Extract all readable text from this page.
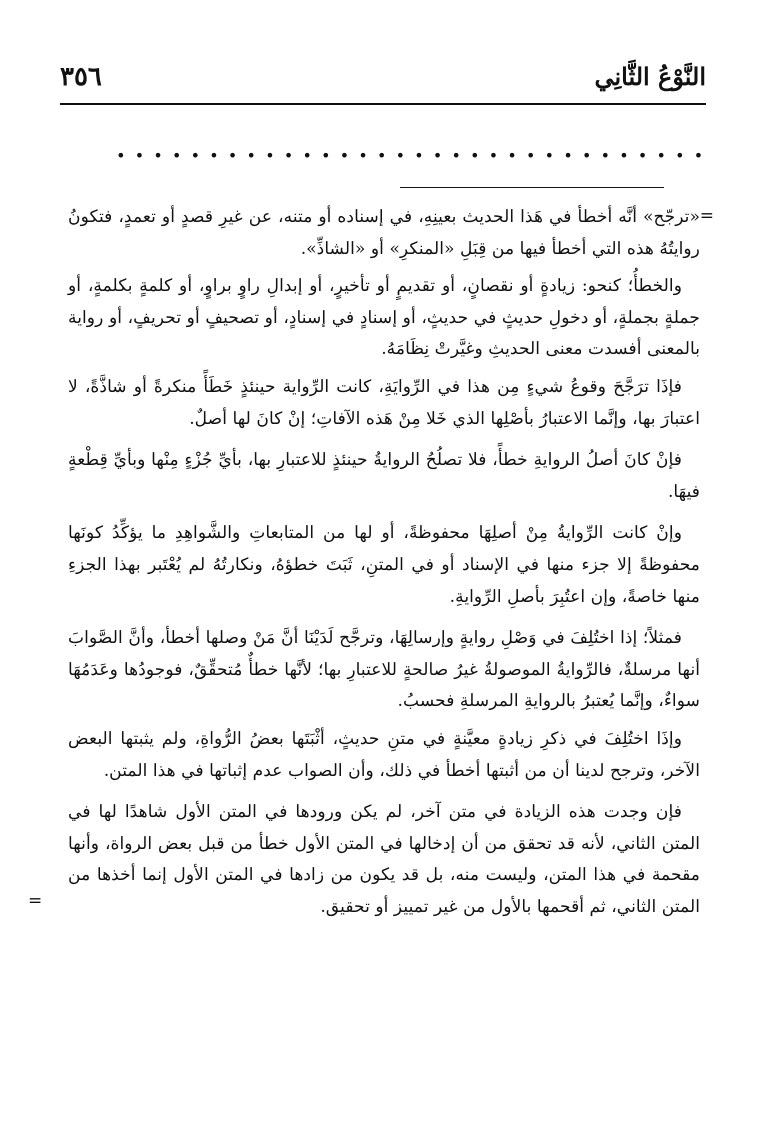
النَّوْعُ الثَّانِي
٣٥٦
••••••••••••••••••••••••••••••••
=

«ترجّح» أنَّه أخطأ في هَذا الحديث بعينِهِ، في إسناده أو متنه، عن غيرِ قصدٍ أو تعمدٍ، فتكونُ روايتُهُ هذه التي أخطأ فيها من قِبَلِ «المنكرِ» أو «الشاذِّ».

والخطأُ؛ كنحو: زيادةٍ أو نقصانٍ، أو تقديمٍ أو تأخيرٍ، أو إبدالِ راوٍ براوٍ، أو كلمةٍ بكلمةٍ، أو جملةٍ بجملةٍ، أو دخولِ حديثٍ في حديثٍ، أو إسنادٍ في إسنادٍ، أو تصحيفٍ أو تحريفٍ، أو رواية بالمعنى أفسدت معنى الحديثِ وغيَّرتْ نِظَامَهُ.

فإذَا ترَجَّحَ وقوعُ شيءٍ مِن هذا في الرِّوايَةِ، كانت الرِّواية حينئذٍ خَطَأً منكرةً أو شاذَّةً، لا اعتبارَ بها، وإنَّما الاعتبارُ بأصْلِها الذي خَلا مِنْ هَذه الآفاتِ؛ إنْ كانَ لها أصلٌ.

فإنْ كانَ أصلُ الروايةِ خطأً، فلا تصلُحُ الروايةُ حينئذٍ للاعتبارِ بها، بأيِّ جُزْءٍ مِنْها وبأيِّ قِطْعةٍ فيهَا.

وإنْ كانت الرِّوايةُ مِنْ أصلِهَا محفوظةً، أو لها من المتابعاتِ والشَّواهِدِ ما يؤكِّدُ كونَها محفوظةً إلا جزء منها في الإسناد أو في المتنِ، ثَبَتَ خطؤهُ، ونكارتُهُ لم يُعْتَبر بهذا الجزءِ منها خاصةً، وإن اعتُبِرَ بأصلِ الرِّوايةِ.

فمثلاً؛ إذا اختُلِفَ في وَصْلِ روايةٍ وإرسالِهَا، وترجَّح لَدَيْنَا أنَّ مَنْ وصلها أخطأ، وأنَّ الصَّوابَ أنها مرسلةٌ، فالرِّوايةُ الموصولةُ غيرُ صالحةٍ للاعتبارِ بها؛ لأنَّها خطأٌ مُتحقِّقٌ، فوجودُها وعَدَمُهَا سواءٌ، وإنَّما يُعتبرُ بالروايةِ المرسلةِ فحسبُ.

وإذَا اختُلِفَ في ذكرِ زيادةٍ معيَّنةٍ في متنِ حديثٍ، أثْبَتَها بعضُ الرُّواةِ، ولم يثبتها البعض الآخر، وترجح لدينا أن من أثبتها أخطأ في ذلك، وأن الصواب عدم إثباتها في هذا المتن.

فإن وجدت هذه الزيادة في متن آخر، لم يكن ورودها في المتن الأول شاهدًا لها في المتن الثاني، لأنه قد تحقق من أن إدخالها في المتن الأول خطأ من قبل بعض الرواة، وأنها مقحمة في هذا المتن، وليست منه، بل قد يكون من زادها في المتن الأول إنما أخذها من المتن الثاني، ثم أقحمها بالأول من غير تمييز أو تحقيق.

=
